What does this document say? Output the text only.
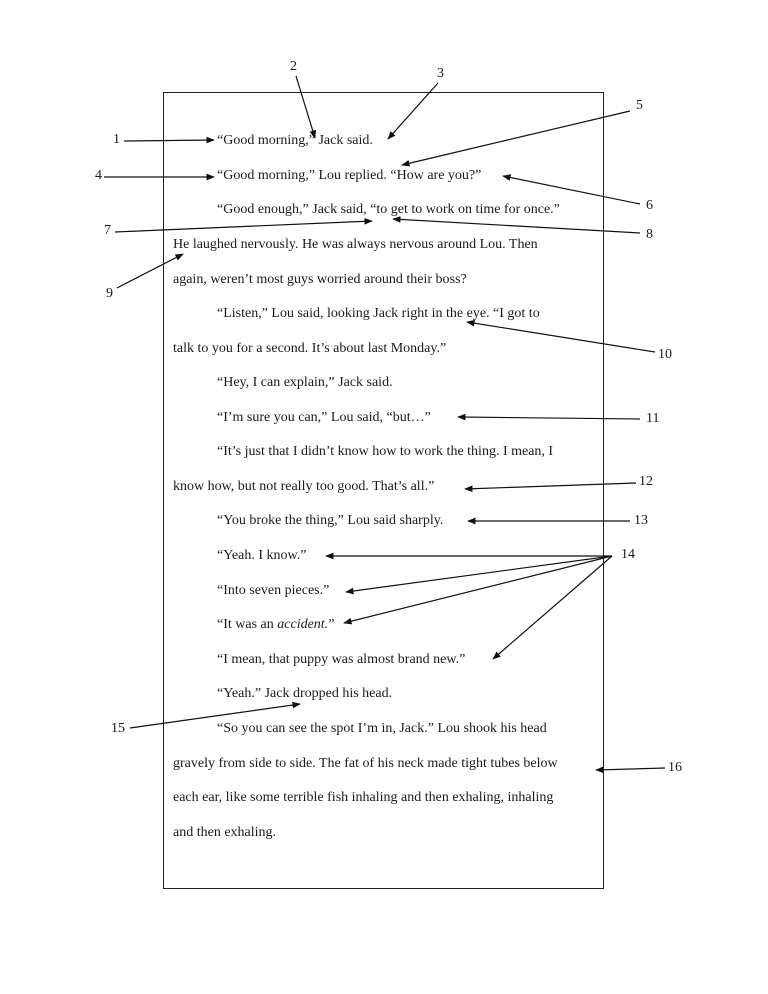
“Good morning,” Jack said.
“Good morning,” Lou replied. “How are you?”
“Good enough,” Jack said, “to get to work on time for once.”
He laughed nervously. He was always nervous around Lou. Then
again, weren’t most guys worried around their boss?
“Listen,” Lou said, looking Jack right in the eye. “I got to
talk to you for a second. It’s about last Monday.”
“Hey, I can explain,” Jack said.
“I’m sure you can,” Lou said, “but…”
“It’s just that I didn’t know how to work the thing. I mean, I
know how, but not really too good. That’s all.”
“You broke the thing,” Lou said sharply.
“Yeah. I know.”
“Into seven pieces.”
“It was an accident.”
“I mean, that puppy was almost brand new.”
“Yeah.” Jack dropped his head.
“So you can see the spot I’m in, Jack.” Lou shook his head
gravely from side to side. The fat of his neck made tight tubes below
each ear, like some terrible fish inhaling and then exhaling, inhaling
and then exhaling.
1
2	3
4
5
6
7	8
9
10
11
12
13
14
15
16
